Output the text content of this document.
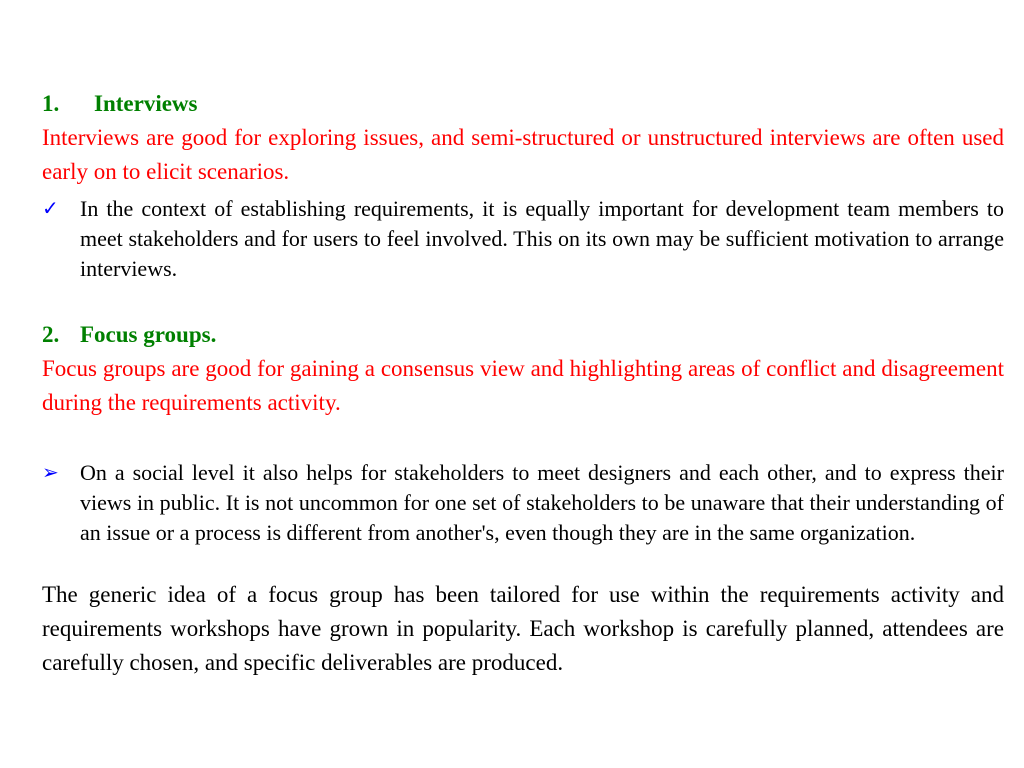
1. Interviews
Interviews are good for exploring issues, and semi-structured or unstructured interviews are often used early on to elicit scenarios.
✓ In the context of establishing requirements, it is equally important for development team members to meet stakeholders and for users to feel involved. This on its own may be sufficient motivation to arrange interviews.
2. Focus groups.
Focus groups are good for gaining a consensus view and highlighting areas of conflict and disagreement during the requirements activity.
➢ On a social level it also helps for stakeholders to meet designers and each other, and to express their views in public. It is not uncommon for one set of stakeholders to be unaware that their understanding of an issue or a process is different from another's, even though they are in the same organization.
The generic idea of a focus group has been tailored for use within the requirements activity and requirements workshops have grown in popularity. Each workshop is carefully planned, attendees are carefully chosen, and specific deliverables are produced.
